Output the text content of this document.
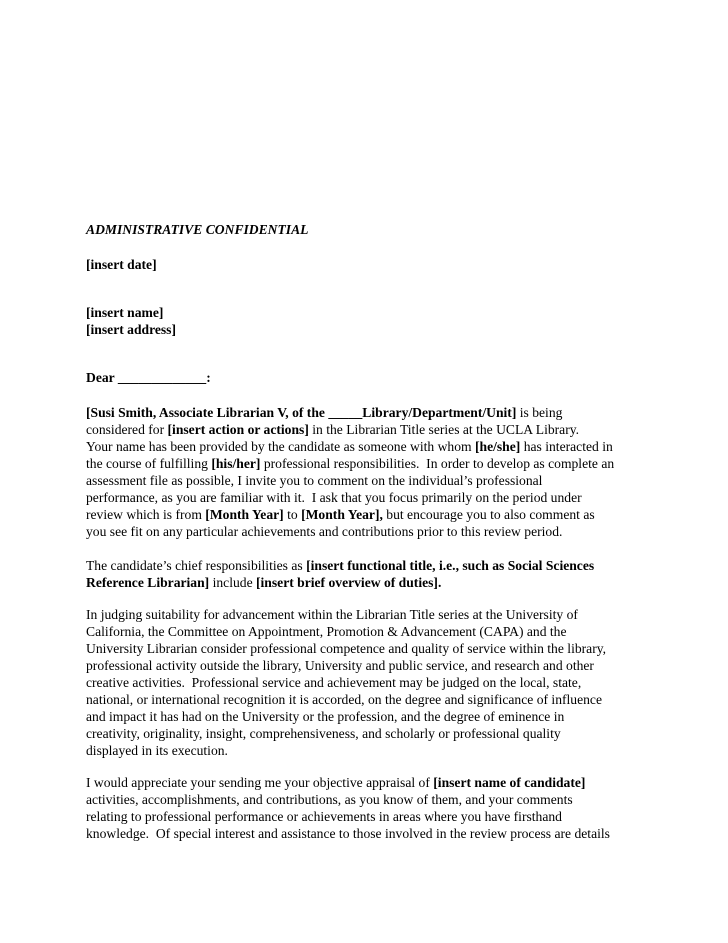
ADMINISTRATIVE CONFIDENTIAL
[insert date]
[insert name]
[insert address]
Dear _____________:
[Susi Smith, Associate Librarian V, of the _____Library/Department/Unit] is being
considered for [insert action or actions] in the Librarian Title series at the UCLA Library.
Your name has been provided by the candidate as someone with whom [he/she] has interacted in
the course of fulfilling [his/her] professional responsibilities.  In order to develop as complete an
assessment file as possible, I invite you to comment on the individual’s professional
performance, as you are familiar with it.  I ask that you focus primarily on the period under
review which is from [Month Year] to [Month Year], but encourage you to also comment as
you see fit on any particular achievements and contributions prior to this review period.
The candidate’s chief responsibilities as [insert functional title, i.e., such as Social Sciences
Reference Librarian] include [insert brief overview of duties].
In judging suitability for advancement within the Librarian Title series at the University of
California, the Committee on Appointment, Promotion & Advancement (CAPA) and the
University Librarian consider professional competence and quality of service within the library,
professional activity outside the library, University and public service, and research and other
creative activities.  Professional service and achievement may be judged on the local, state,
national, or international recognition it is accorded, on the degree and significance of influence
and impact it has had on the University or the profession, and the degree of eminence in
creativity, originality, insight, comprehensiveness, and scholarly or professional quality
displayed in its execution.
I would appreciate your sending me your objective appraisal of [insert name of candidate]
activities, accomplishments, and contributions, as you know of them, and your comments
relating to professional performance or achievements in areas where you have firsthand
knowledge.  Of special interest and assistance to those involved in the review process are details
